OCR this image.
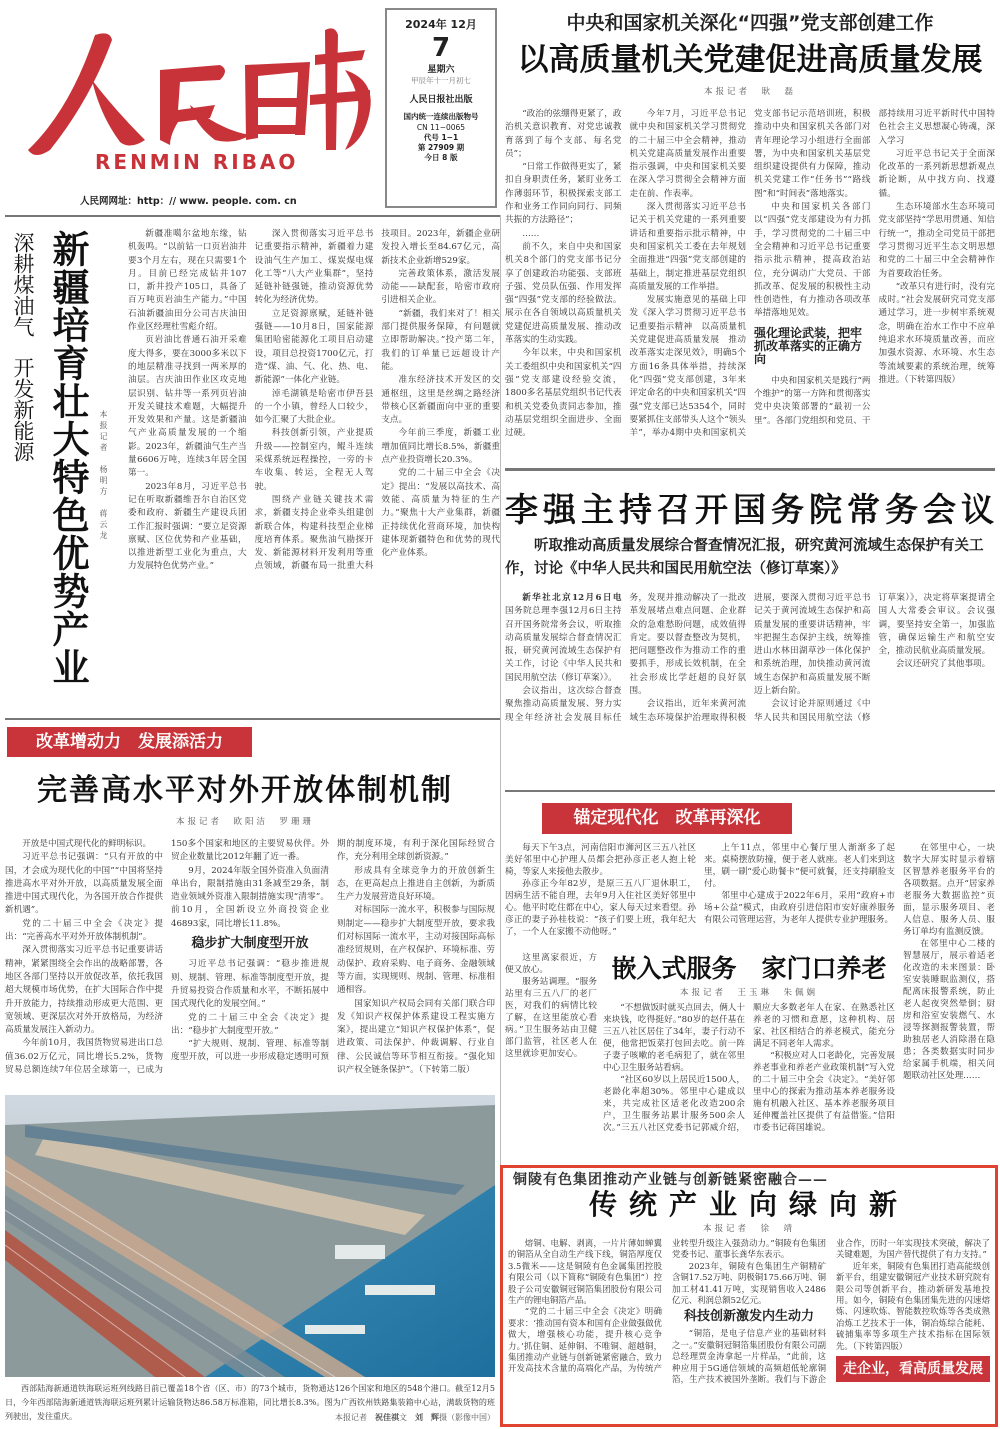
RENMIN RIBAO
人民网网址：http：// www. people. com. cn
2024年 12月
7
星期六
甲辰年十一月初七
人民日报社出版
国内统一连续出版物号
CN 11−0065
代号 1−1
第 27909 期
今日 8 版
中央和国家机关深化“四强”党支部创建工作
以高质量机关党建促进高质量发展
本报记者　耿　磊

“政治的弦绷得更紧了，政治机关意识教育、对党忠诚教育落到了每个支部、每名党员”；

“日常工作做得更实了，紧扣自身职责任务，紧盯业务工作薄弱环节，积极探索支部工作和业务工作同向同行、同频共振的方法路径”；

……

前不久，来自中央和国家机关8个部门的党支部书记分享了创建政治功能强、支部班子强、党员队伍强、作用发挥强“四强”党支部的经验做法。展示在各自领域以高质量机关党建促进高质量发展、推动改革落实的生动实践。

今年以来，中央和国家机关工委组织中央和国家机关“四强”党支部建设经验交流，1800多名基层党组织书记代表和机关党委负责同志参加，推动基层党组织全面进步、全面过硬。

今年7月，习近平总书记就中央和国家机关学习贯彻党的二十届三中全会精神，推动机关党建高质量发展作出重要指示强调，中央和国家机关要在深入学习贯彻全会精神方面走在前、作表率。

深入贯彻落实习近平总书记关于机关党建的一系列重要讲话和重要指示批示精神，中央和国家机关工委在去年规划全面推进“四强”党支部创建的基础上，制定推进基层党组织高质量发展的工作举措。

发展实施意见的基础上印发《深入学习贯彻习近平总书记重要指示精神　以高质量机关党建促进高质量发展　推动改革落实走深见效》，明确5个方面16条具体举措，持续深化“四强”党支部创建，3年来评定命名的中央和国家机关“四强”党支部已达5354个，同时要紧抓住支部带头人这个“领头羊”，举办4期中央和国家机关党支部书记示范培训班，积极推动中央和国家机关各部门对青年理论学习小组进行全面部署，为中央和国家机关基层党组织建设提供有力保障，推动机关党建工作“任务书”“路线图”和“时间表”落地落实。

中央和国家机关各部门以“四强”党支部建设为有力抓手，学习贯彻党的二十届三中全会精神和习近平总书记重要指示批示精神，提高政治站位，充分调动广大党员、干部抓改革、促发展的积极性主动性创造性，有力推动各项改革举措落地见效。

强化理论武装，把牢抓改革落实的正确方向

中央和国家机关是践行“两个维护”的第一方阵和贯彻落实党中央决策部署的“最初一公里”。各部门党组织和党员、干部持续用习近平新时代中国特色社会主义思想凝心铸魂，深入学习

习近平总书记关于全面深化改革的一系列新思想新观点新论断，从中找方向、找遵循。

生态环境部水生态环境司党支部坚持“学思用贯通、知信行统一”，推动全司党员干部把学习贯彻习近平生态文明思想和党的二十届三中全会精神作为首要政治任务。

“改革只有进行时，没有完成时。”社会发展研究司党支部通过学习，进一步树牢系统观念，明确在治水工作中不应单纯追求水环境质量改善，而应加强水资源、水环境、水生态等流域要素的系统治理，统筹推进。（下转第四版）

深耕煤油气开发新能源 新疆培育壮大特色优势产业	本报记者　杨明方　蒋云龙

新疆准噶尔盆地东缘，钻机轰鸣。“以前钻一口页岩油井要3个月左右，现在只需要1个月。目前已经完成钻井107口，新井投产105口，具备了百万吨页岩油生产能力。”中国石油新疆油田分公司吉庆油田作业区经理杜雪彪介绍。

页岩油比普通石油开采难度大得多，要在3000多米以下的地层精准寻找到一两米厚的油层。吉庆油田作业区攻克地层识别、钻井等一系列页岩油开发关键技术难题，大幅提升开发效果和产量。这是新疆油气产业高质量发展的一个缩影。2023年，新疆油气生产当量6606万吨，连续3年居全国第一。

2023年8月，习近平总书记在听取新疆维吾尔自治区党委和政府、新疆生产建设兵团工作汇报时强调：“要立足资源禀赋、区位优势和产业基础，以推进新型工业化为重点，大力发展特色优势产业。”

深入贯彻落实习近平总书记重要指示精神，新疆着力建设油气生产加工、煤炭煤电煤化工等“八大产业集群”，坚持延链补链强链，推动资源优势转化为经济优势。

立足资源禀赋，延链补链强链——10月8日，国家能源集团哈密能源化工项目启动建设，项目总投资1700亿元，打造“煤、油、气、化、热、电、新能源”一体化产业链。

淖毛湖镇是哈密市伊吾县的一个小镇，曾经人口较少，如今汇聚了大批企业。

科技创新引领，产业提质升级——控制室内，鲲斗连续采煤系统远程操控，一旁的卡车收集、转运，全程无人驾驶。

围绕产业链关键技术需求，新疆支持企业牵头组建创新联合体，构建科技型企业梯度培育体系。聚焦油气勘探开发、新能源材料开发利用等重点领域，新疆布局一批重大科技项目。2023年，新疆企业研发投入增长至84.67亿元，高新技术企业新增529家。

完善政策体系，激活发展动能——缺配套，哈密市政府引进相关企业。

“新疆，我们来对了！相关部门提供服务保障，有问题就立即帮助解决。”投产第二年，我们的订单量已远超设计产能。

准东经济技术开发区的交通枢纽，这里是丝绸之路经济带核心区新疆面向中亚的重要支点。

今年前三季度，新疆工业增加值同比增长8.5%，新疆重点产业投资增长20.3%。

党的二十届三中全会《决定》提出：“发展以高技术、高效能、高质量为特征的生产力。”聚焦十大产业集群，新疆正持续优化营商环境，加快构建体现新疆特色和优势的现代化产业体系。

李强主持召开国务院常务会议
听取推动高质量发展综合督查情况汇报，研究黄河流域生态保护有关工作，讨论《中华人民共和国民用航空法（修订草案）》

新华社北京12月6日电　国务院总理李强12月6日主持召开国务院常务会议，听取推动高质量发展综合督查情况汇报，研究黄河流域生态保护有关工作，讨论《中华人民共和国民用航空法（修订草案）》。

会议指出，这次综合督查聚焦推动高质量发展、努力实现全年经济社会发展目标任务，发现并推动解决了一批改革发展堵点难点问题、企业群众的急难愁盼问题，成效值得肯定。要以督查整改为契机，把问题整改作为推动工作的重要抓手，形成长效机制，在全社会形成比学赶超的良好氛围。

会议指出，近年来黄河流域生态环境保护治理取得积极进展，要深入贯彻习近平总书记关于黄河流域生态保护和高质量发展的重要讲话精神，牢牢把握生态保护主线，统筹推进山水林田湖草沙一体化保护和系统治理，加快推动黄河流域生态保护和高质量发展不断迈上新台阶。

会议讨论并原则通过《中华人民共和国民用航空法（修订草案）》，决定将草案提请全国人大常委会审议。会议强调，要坚持安全第一，加强监管，确保运输生产和航空安全，推动民航业高质量发展。

会议还研究了其他事项。

改革增动力　发展添活力
完善高水平对外开放体制机制
本报记者　欧阳洁　罗珊珊

开放是中国式现代化的鲜明标识。

习近平总书记强调：“只有开放的中国，才会成为现代化的中国”“中国将坚持推进高水平对外开放，以高质量发展全面推进中国式现代化，为各国开放合作提供新机遇”。

党的二十届三中全会《决定》提出：“完善高水平对外开放体制机制”。

深入贯彻落实习近平总书记重要讲话精神，紧紧围绕全会作出的战略部署，各地区各部门坚持以开放促改革，依托我国超大规模市场优势，在扩大国际合作中提升开放能力，持续推动形成更大范围、更宽领域、更深层次对外开放格局，为经济高质量发展注入新动力。

今年前10月，我国货物贸易进出口总值36.02万亿元，同比增长5.2%，货物贸易总额连续7年位居全球第一，已成为150多个国家和地区的主要贸易伙伴。外贸企业数量比2012年翻了近一番。

9月，2024年版全国外资准入负面清单出台，限制措施由31条减至29条，制造业领域外资准入限制措施实现“清零”。前10月，全国新设立外商投资企业46893家，同比增长11.8%。

稳步扩大制度型开放

习近平总书记强调：“稳步推进规则、规制、管理、标准等制度型开放，提升贸易投资合作质量和水平，不断拓展中国式现代化的发展空间。”

党的二十届三中全会《决定》提出：“稳步扩大制度型开放。”

“扩大规则、规制、管理、标准等制度型开放，可以进一步形成稳定透明可预期的制度环境，有利于深化国际经贸合作，充分利用全球创新资源。”

形成具有全球竞争力的开放创新生态，在更高起点上推进自主创新，为新质生产力发展营造良好环境。

对标国际一流水平，积极参与国际规则制定——稳步扩大制度型开放，要求我们对标国际一流水平，主动对接国际高标准经贸规则，在产权保护、环境标准、劳动保护、政府采购、电子商务、金融领域等方面，实现规则、规制、管理、标准相通相容。

国家知识产权局会同有关部门联合印发《知识产权保护体系建设工程实施方案》，提出建立“知识产权保护体系”，促进政策、司法保护、仲裁调解、行业自律、公民诚信等环节相互衔接。“强化知识产权全链条保护”。（下转第二版）

西部陆海新通道铁海联运班列线路目前已覆盖18个省（区、市）的73个城市，货物通达126个国家和地区的548个港口。截至12月5日，今年西部陆海新通道铁海联运班列累计运输货物达86.58万标准箱，同比增长8.3%。图为广西钦州铁路集装箱中心站，满载货物的班列驶出，发往重庆。	本报记者　 祝佳祺文　刘　辉摄（影像中国）
锚定现代化　改革再深化

每天下午3点，河南信阳市浉河区三五八社区美好邻里中心护理人员都会把孙彦正老人抱上轮椅，等家人来接他去散步。

孙彦正今年82岁，是原三五八厂退休职工，因病生活不能自理，去年9月入住社区美好邻里中心。他平时吃住都在中心，家人每天过来看望。孙彦正的妻子孙桂枝说：“孩子们要上班，我年纪大了，一个人在家搬不动他呀。”

上午11点，邻里中心餐厅里人渐渐多了起来。桌椅摆放防撞，便于老人就座。老人们来到这里，刷一刷“爱心助餐卡”便可就餐，还支持刷脸支付。

邻里中心建成于2022年6月，采用“政府+市场+公益”模式，由政府引进信阳市安好康养服务有限公司管理运营，为老年人提供专业护理服务。

这里离家很近，方便又放心。

服务站调理。“服务站里有三五八厂的老厂医，对我们的病情比较了解，在这里能放心看病。”卫生服务站由卫健部门监管，社区老人在这里就诊更加安心。

嵌入式服务　家门口养老
本报记者　王玉琳　朱佩娴

“不想做饭时就买点回去，俩人十来块钱，吃得挺好。”80岁的赵仟基在三五八社区居住了34年，妻子行动不便，他常把饭菜打包回去吃。前一阵子妻子咳嗽的老毛病犯了，就在邻里中心卫生服务站看病。

“社区60岁以上居民近1500人，老龄化率超30%。邻里中心建成以来，共完成社区适老化改造200余户，卫生服务站累计服务500余人次。”三五八社区党委书记郭威介绍，顺应大多数老年人在家、在熟悉社区养老的习惯和意愿，这种机构、居家、社区相结合的养老模式，能充分满足不同老年人需求。

“积极应对人口老龄化，完善发展养老事业和养老产业政策机制”写入党的二十届三中全会《决定》。“美好邻里中心的探索为推动基本养老服务设施有机融入社区、基本养老服务项目延伸覆盖社区提供了有益借鉴。”信阳市委书记蒋国雄说。

在邻里中心，一块数字大屏实时显示着辖区智慧养老服务平台的各项数据。点开“居家养老服务大数据监控”页面，显示服务项目、老人信息、服务人员、服务订单均有监测反馈。

在邻里中心二楼的智慧展厅，展示着适老化改造的未来图景：卧室安装睡眠监测仪，搭配离床报警系统，防止老人起夜突然晕倒；厨房和浴室安装燃气、水浸等探测报警装置，帮助独居老人消除潜在隐患；各类数据实时同步给家属手机端，相关问题联动社区处理……

铜陵有色集团推动产业链与创新链紧密融合——
传统产业向绿向新
本报记者　徐　靖

熔铜、电解、剥离，一片片薄如蝉翼的铜箔从全自动生产线下线，铜箔厚度仅3.5微米——这是铜陵有色金属集团控股有限公司（以下简称“铜陵有色集团”）控股子公司安徽铜冠铜箔集团股份有限公司生产的锂电铜箔产品。

“党的二十届三中全会《决定》明确要求：‘推动国有资本和国有企业做强做优做大，增强核心功能，提升核心竞争力。’抓住铜、延伸铜、不唯铜、超越铜，集团推动产业链与创新链紧密融合，致力开发高技术含量的高端化产品，为传统产业转型升级注入强劲动力。”铜陵有色集团党委书记、董事长龚华东表示。

2023年，铜陵有色集团生产铜精矿含铜17.52万吨、阴极铜175.66万吨、铜加工材41.41万吨，实现销售收入2486亿元、利润总额52亿元。

科技创新激发内生动力

“铜箔，是电子信息产业的基础材料之一。”安徽铜冠铜箔集团股份有限公司副总经理贾金涛拿起一片样品，“此前，这种应用于5G通信领域的高频超低轮廓铜箔，生产技术被国外垄断。我们与下游企业合作，历时一年实现技术突破，解决了关键难题，为国产替代提供了有力支持。”

近年来，铜陵有色集团打造高能级创新平台，组建安徽铜冠产业技术研究院有限公司等创新平台，推动新研发基地投用。如今，铜陵有色集团集先进的闪速熔炼、闪速吹炼、智能数控吹炼等各类成熟冶炼工艺技术于一体，铜冶炼综合能耗、硫捕集率等多项生产技术指标在国际领先。（下转第四版）

走企业，看高质量发展
